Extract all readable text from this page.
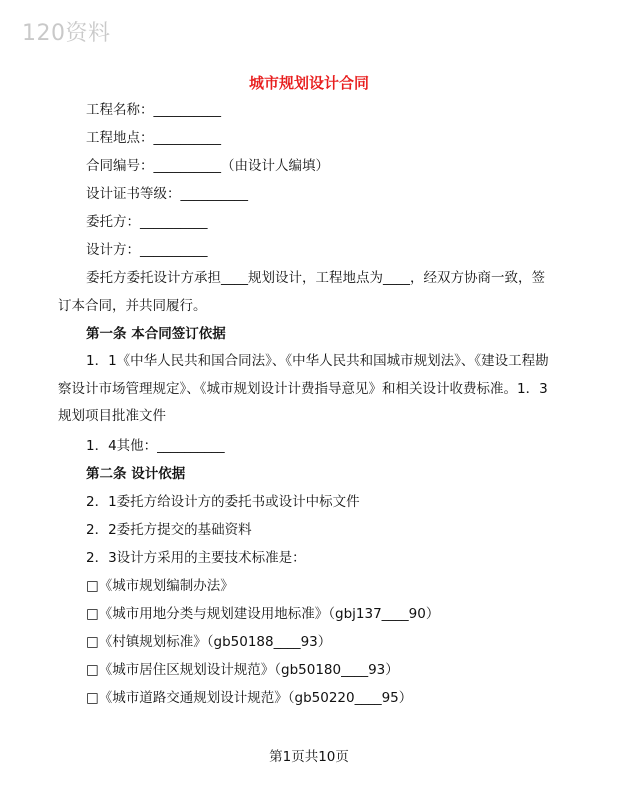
120资料
城市规划设计合同
工程名称：__________
工程地点：__________
合同编号：__________（由设计人编填）
设计证书等级：__________
委托方：__________
设计方：__________
委托方委托设计方承担____规划设计，工程地点为____，经双方协商一致，签订本合同，并共同履行。
第一条 本合同签订依据
1．1《中华人民共和国合同法》、《中华人民共和国城市规划法》、《建设工程勘察设计市场管理规定》、《城市规划设计计费指导意见》和相关设计收费标准。1．3规划项目批准文件
1．4其他：__________
第二条 设计依据
2．1委托方给设计方的委托书或设计中标文件
2．2委托方提交的基础资料
2．3设计方采用的主要技术标准是：
□《城市规划编制办法》
□《城市用地分类与规划建设用地标准》（gbj137____90）
□《村镇规划标准》（gb50188____93）
□《城市居住区规划设计规范》（gb50180____93）
□《城市道路交通规划设计规范》（gb50220____95）
第1页共10页
